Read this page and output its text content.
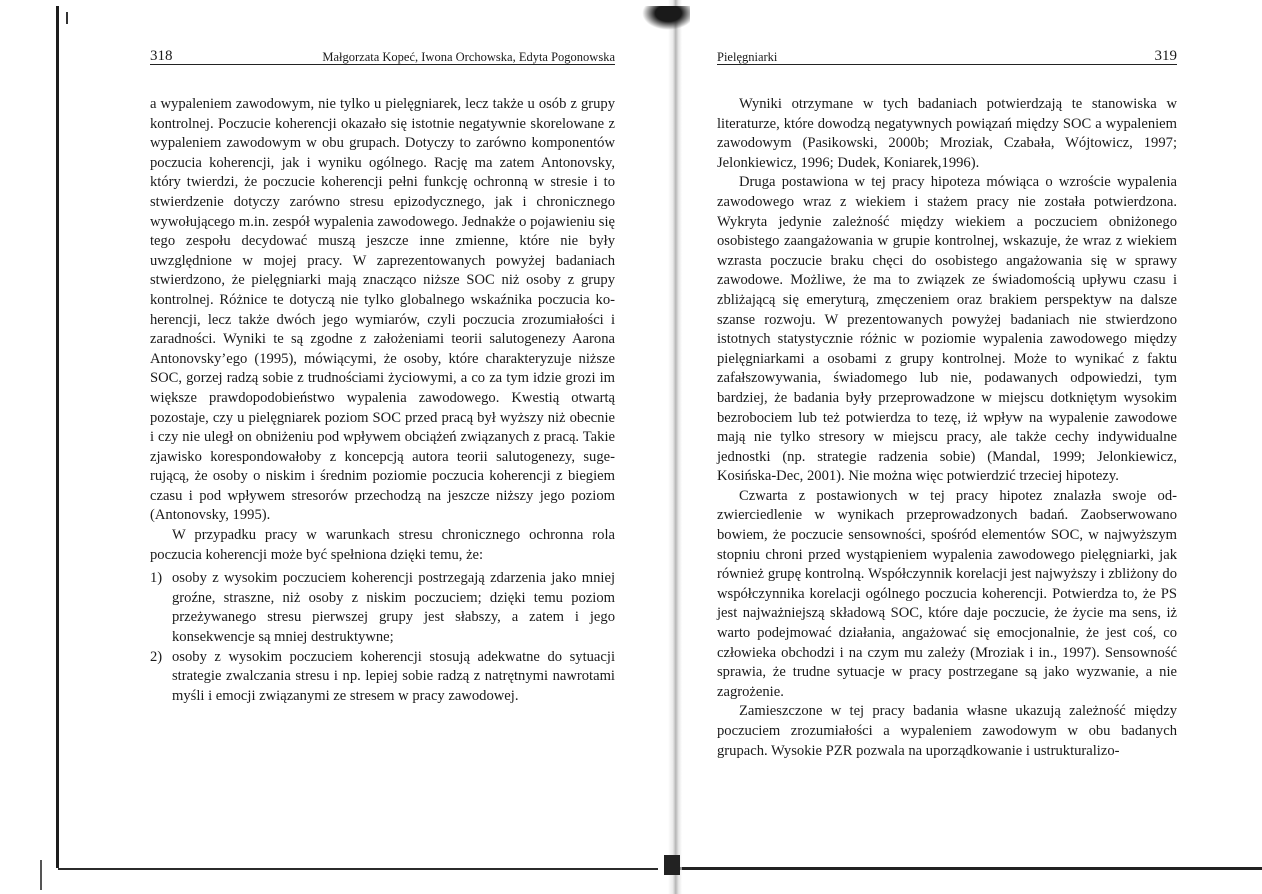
318	Małgorzata Kopeć, Iwona Orchowska, Edyta Pogonowska

a wypaleniem zawodowym, nie tylko u pielęgniarek, lecz także u osób z grupy kontrolnej. Poczucie koherencji okazało się istotnie negatywnie skorelowane z wypaleniem zawodowym w obu grupach. Dotyczy to zarówno komponentów poczucia koherencji, jak i wyniku ogólnego. Rację ma zatem Antonovsky, który twierdzi, że poczucie koherencji pełni funkcję ochronną w stresie i to stwierdzenie dotyczy zarówno stresu epizodycznego, jak i chronicznego wywołującego m.in. zespół wypalenia zawodowego. Jednakże o pojawieniu się tego zespołu decydować muszą jeszcze inne zmienne, które nie były uwzględnione w mojej pracy. W zaprezentowanych powyżej badaniach stwierdzono, że pielęgniarki mają znacząco niższe SOC niż osoby z grupy kontrolnej. Różnice te dotyczą nie tylko globalnego wskaźnika poczucia koherencji, lecz także dwóch jego wymiarów, czyli poczucia zrozumiałości i zaradności. Wyniki te są zgodne z założeniami teorii salutogenezy Aarona Antonovsky’ego (1995), mówiącymi, że osoby, które charakteryzuje niższe SOC, gorzej radzą sobie z trudnościami życiowymi, a co za tym idzie grozi im większe prawdopodobieństwo wypalenia zawodowego. Kwestią otwartą pozostaje, czy u pielęgniarek poziom SOC przed pracą był wyższy niż obecnie i czy nie uległ on obniżeniu pod wpływem obciążeń związanych z pracą. Takie zjawisko korespondowałoby z koncepcją autora teorii salutogenezy, sugerującą, że osoby o niskim i średnim poziomie poczucia koherencji z biegiem czasu i pod wpływem stresorów przechodzą na jeszcze niższy jego poziom (Antonovsky, 1995).

W przypadku pracy w warunkach stresu chronicznego ochronna rola poczucia koherencji może być spełniona dzięki temu, że:

1) osoby z wysokim poczuciem koherencji postrzegają zdarzenia jako mniej groźne, straszne, niż osoby z niskim poczuciem; dzięki temu poziom przeżywanego stresu pierwszej grupy jest słabszy, a zatem i jego konsekwencje są mniej destruktywne;
2) osoby z wysokim poczuciem koherencji stosują adekwatne do sytuacji strategie zwalczania stresu i np. lepiej sobie radzą z natrętnymi nawrotami myśli i emocji związanymi ze stresem w pracy zawodowej.
Pielęgniarki	319

Wyniki otrzymane w tych badaniach potwierdzają te stanowiska w literaturze, które dowodzą negatywnych powiązań między SOC a wypaleniem zawodowym (Pasikowski, 2000b; Mroziak, Czabała, Wójtowicz, 1997; Jelonkiewicz, 1996; Dudek, Koniarek,1996).

Druga postawiona w tej pracy hipoteza mówiąca o wzroście wypalenia zawodowego wraz z wiekiem i stażem pracy nie została potwierdzona. Wykryta jedynie zależność między wiekiem a poczuciem obniżonego osobistego zaangażowania w grupie kontrolnej, wskazuje, że wraz z wiekiem wzrasta poczucie braku chęci do osobistego angażowania się w sprawy zawodowe. Możliwe, że ma to związek ze świadomością upływu czasu i zbliżającą się emeryturą, zmęczeniem oraz brakiem perspektyw na dalsze szanse rozwoju. W prezentowanych powyżej badaniach nie stwierdzono istotnych statystycznie różnic w poziomie wypalenia zawodowego między pielęgniarkami a osobami z grupy kontrolnej. Może to wynikać z faktu zafałszowywania, świadomego lub nie, podawanych odpowiedzi, tym bardziej, że badania były przeprowadzone w miejscu dotkniętym wysokim bezrobociem lub też potwierdza to tezę, iż wpływ na wypalenie zawodowe mają nie tylko stresory w miejscu pracy, ale także cechy indywidualne jednostki (np. strategie radzenia sobie) (Mandal, 1999; Jelonkiewicz, Kosińska-Dec, 2001). Nie można więc potwierdzić trzeciej hipotezy.

Czwarta z postawionych w tej pracy hipotez znalazła swoje odzwierciedlenie w wynikach przeprowadzonych badań. Zaobserwowano bowiem, że poczucie sensowności, spośród elementów SOC, w najwyższym stopniu chroni przed wystąpieniem wypalenia zawodowego pielęgniarki, jak również grupę kontrolną. Współczynnik korelacji jest najwyższy i zbliżony do współczynnika korelacji ogólnego poczucia koherencji. Potwierdza to, że PS jest najważniejszą składową SOC, które daje poczucie, że życie ma sens, iż warto podejmować działania, angażować się emocjonalnie, że jest coś, co człowieka obchodzi i na czym mu zależy (Mroziak i in., 1997). Sensowność sprawia, że trudne sytuacje w pracy postrzegane są jako wyzwanie, a nie zagrożenie.

Zamieszczone w tej pracy badania własne ukazują zależność między poczuciem zrozumiałości a wypaleniem zawodowym w obu badanych grupach. Wysokie PZR pozwala na uporządkowanie i ustrukturalizo-
